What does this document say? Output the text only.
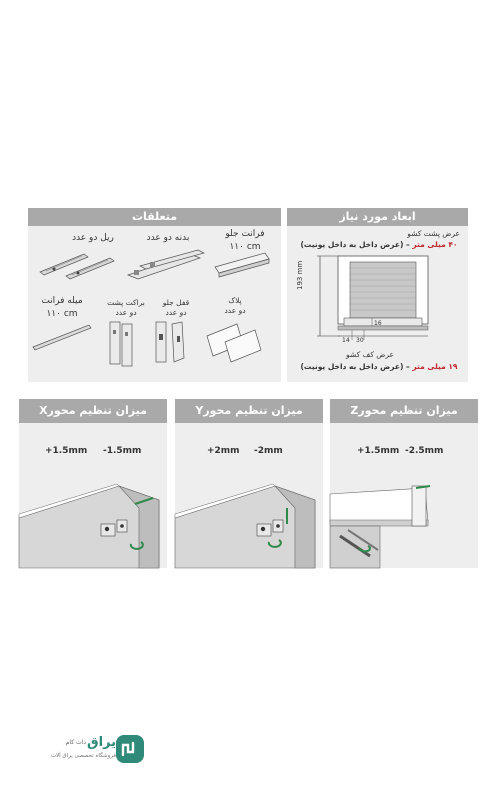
متعلقات
ریل دو عدد	بدنه دو عدد	فرانت جلو
۱۱۰ cm
میله فرانت
۱۱۰ cm
براکت پشت
دو عدد
قفل جلو
دو عدد
پلاک
دو عدد
ابعاد مورد نیاز
عرض پشت کشو
۴۰ میلی متر – (عرض داخل به داخل یونیت)
193 mm
14 30
16
عرض کف کشو
۱۹ میلی متر – (عرض داخل به داخل یونیت)
میزان تنظیم محورX
+1.5mm -1.5mm
میزان تنظیم محورY
+2mm -2mm
میزان تنظیم محورZ
+1.5mm -2.5mm
یراق
دات کام
فروشگاه تخصصی یراق آلات
